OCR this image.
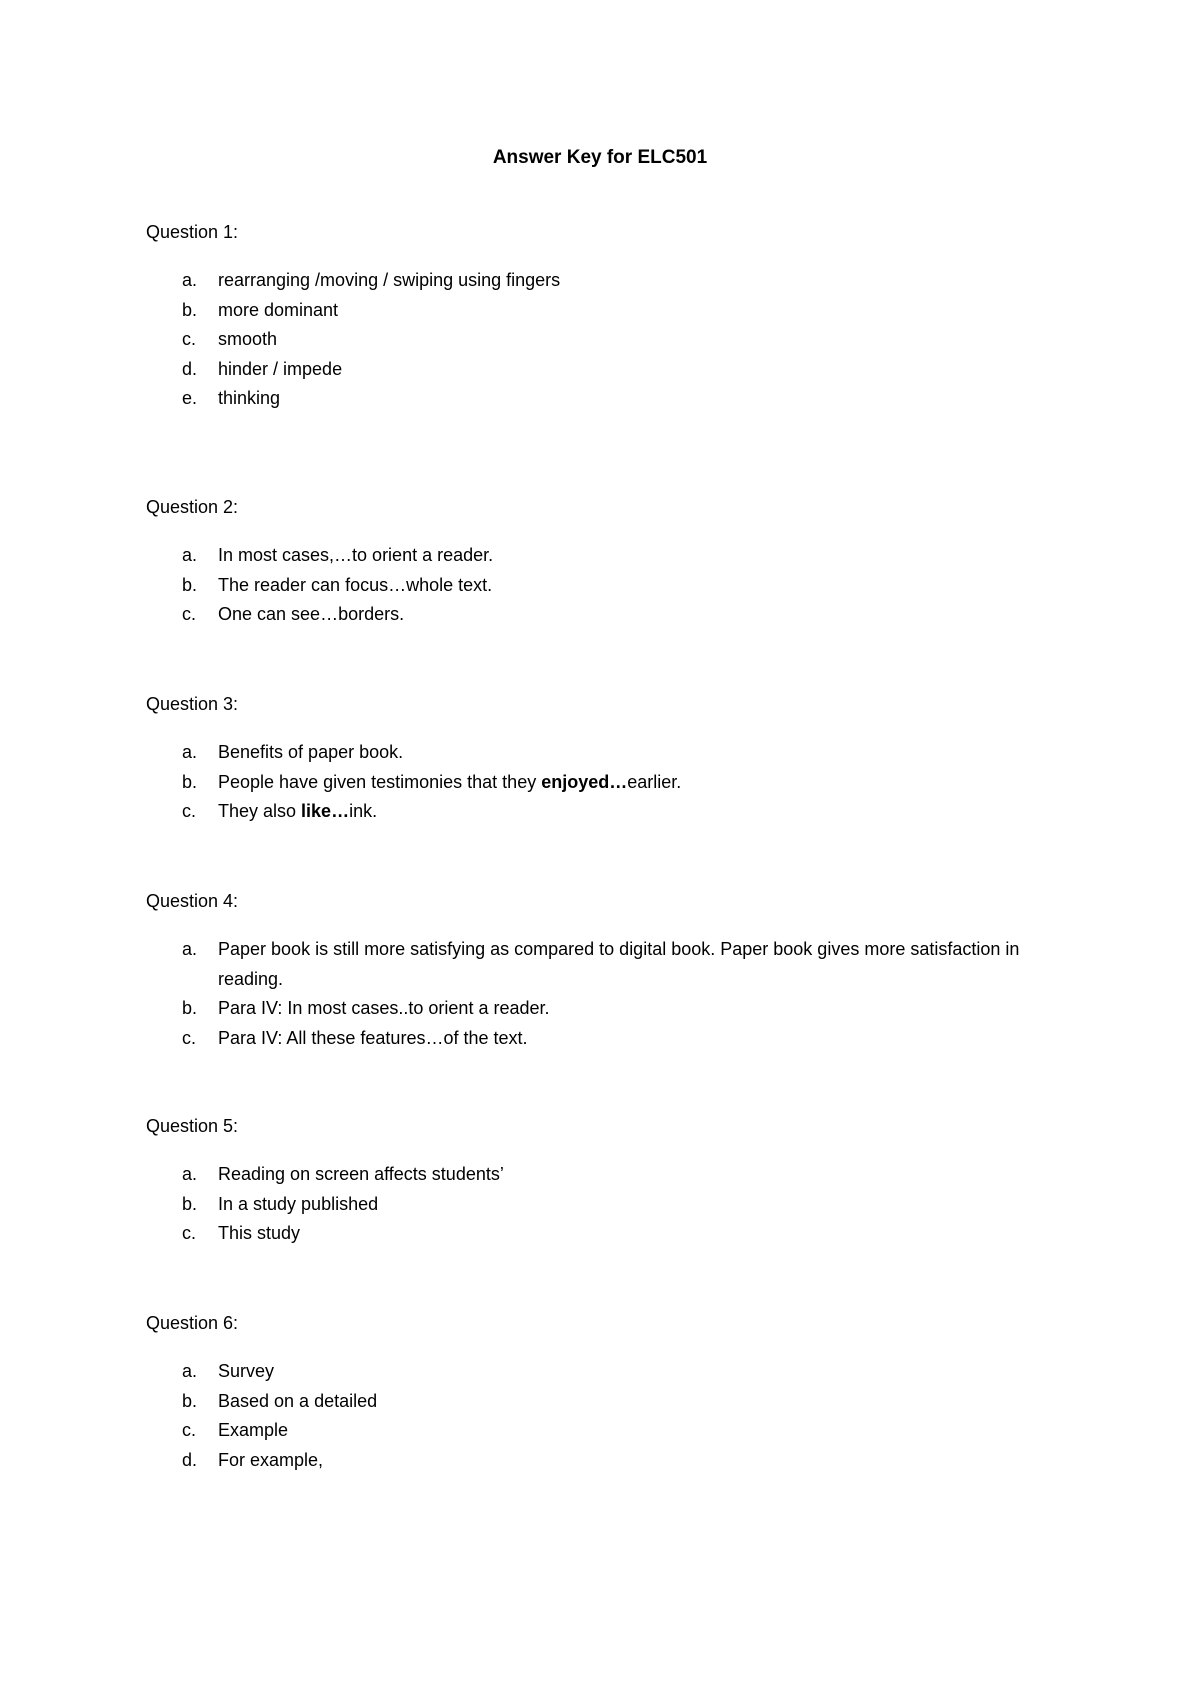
Answer Key for ELC501

Question 1:

a.	rearranging /moving / swiping using fingers
b.	more dominant
c.	smooth
d.	hinder / impede
e.	thinking

Question 2:

a.	In most cases,…to orient a reader.
b.	The reader can focus…whole text.
c.	One can see…borders.

Question 3:

a.	Benefits of paper book.
b.	People have given testimonies that they enjoyed…earlier.
c.	They also like…ink.

Question 4:

a.	Paper book is still more satisfying as compared to digital book. Paper book gives more satisfaction in reading.
b.	Para IV: In most cases..to orient a reader.
c.	Para IV: All these features…of the text.

Question 5:

a.	Reading on screen affects students’
b.	In a study published
c.	This study

Question 6:

a.	Survey
b.	Based on a detailed
c.	Example
d.	For example,
